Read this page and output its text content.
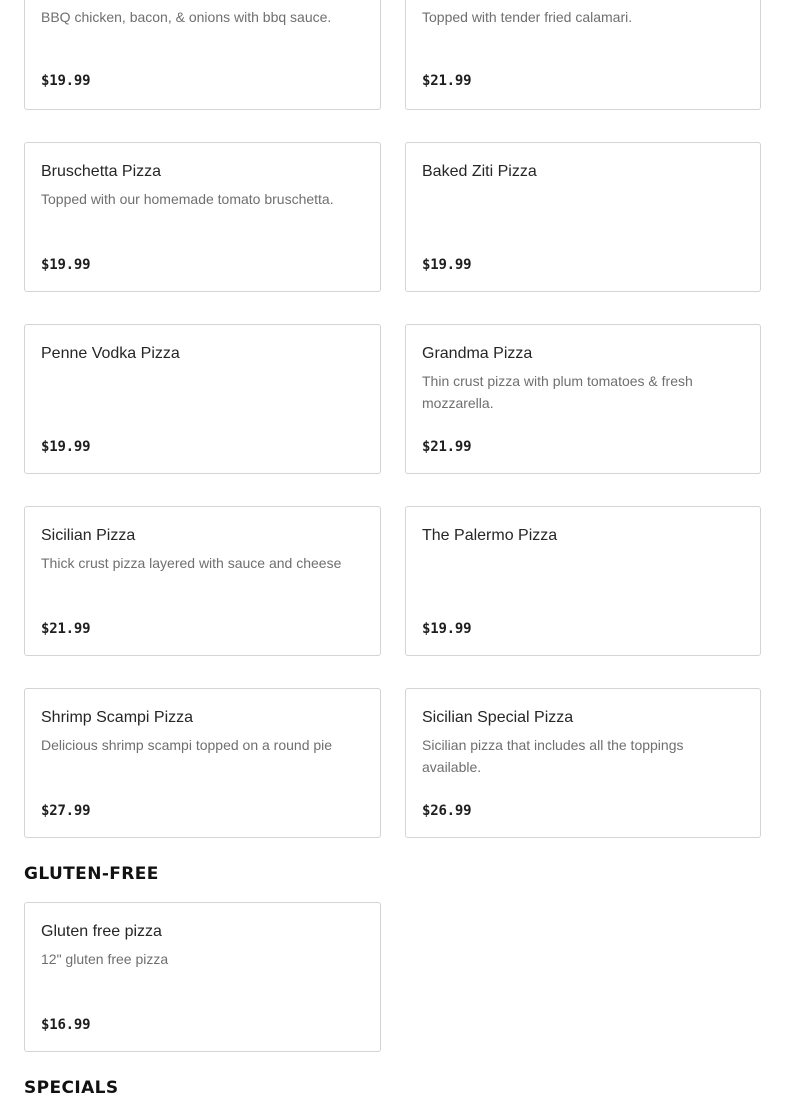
BBQ chicken, bacon, & onions with bbq sauce.
$19.99
Topped with tender fried calamari.
$21.99
Bruschetta Pizza
Topped with our homemade tomato bruschetta.
$19.99
Baked Ziti Pizza
$19.99
Penne Vodka Pizza
$19.99
Grandma Pizza
Thin crust pizza with plum tomatoes & fresh mozzarella.
$21.99
Sicilian Pizza
Thick crust pizza layered with sauce and cheese
$21.99
The Palermo Pizza
$19.99
Shrimp Scampi Pizza
Delicious shrimp scampi topped on a round pie
$27.99
Sicilian Special Pizza
Sicilian pizza that includes all the toppings available.
$26.99
GLUTEN-FREE
Gluten free pizza
12" gluten free pizza
$16.99
SPECIALS
